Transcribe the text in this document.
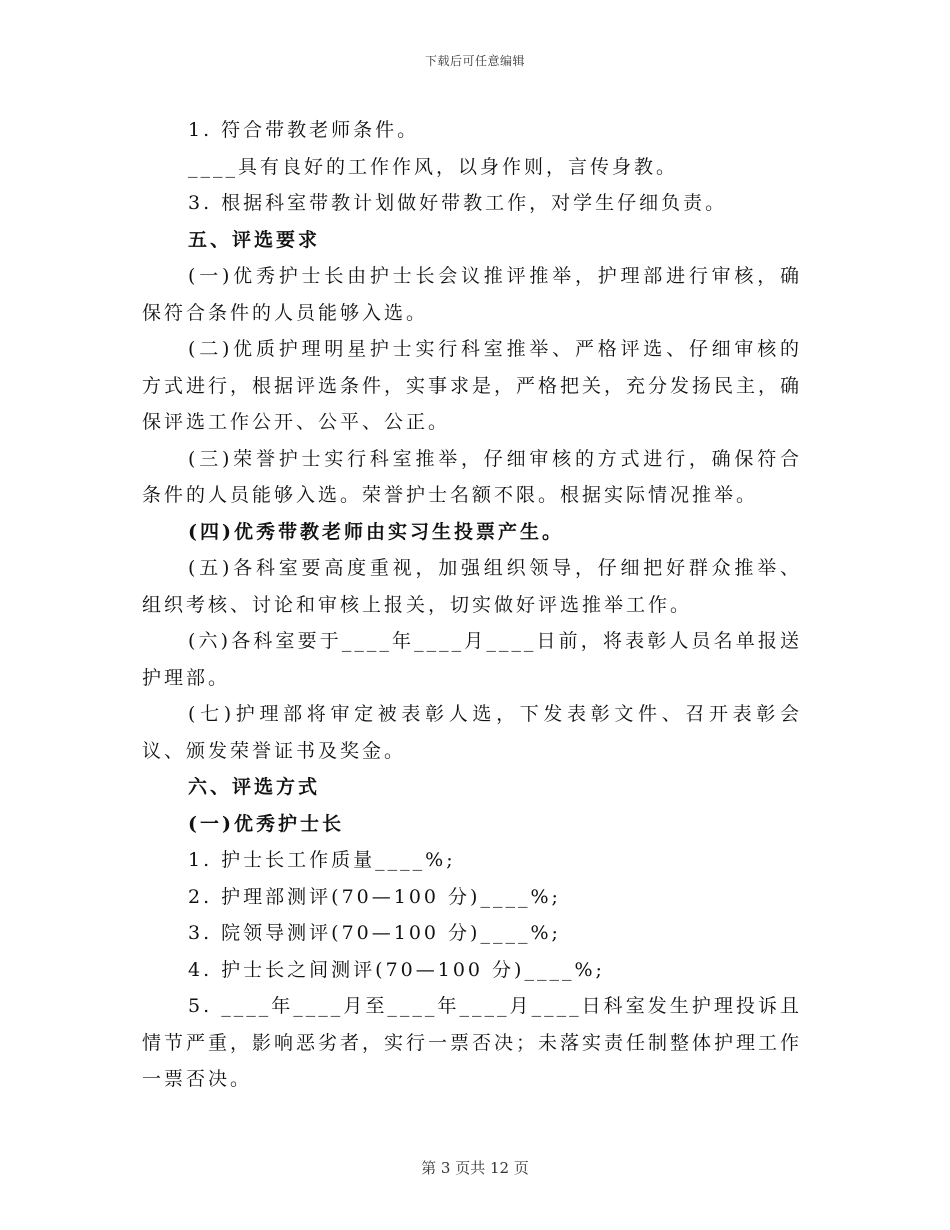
下载后可任意编辑

1. 符合带教老师条件。

____具有良好的工作作风，以身作则，言传身教。

3. 根据科室带教计划做好带教工作，对学生仔细负责。

五、评选要求

(一)优秀护士长由护士长会议推评推举，护理部进行审核，确保符合条件的人员能够入选。

(二)优质护理明星护士实行科室推举、严格评选、仔细审核的方式进行，根据评选条件，实事求是，严格把关，充分发扬民主，确保评选工作公开、公平、公正。

(三)荣誉护士实行科室推举，仔细审核的方式进行，确保符合条件的人员能够入选。荣誉护士名额不限。根据实际情况推举。

(四)优秀带教老师由实习生投票产生。

(五)各科室要高度重视，加强组织领导，仔细把好群众推举、组织考核、讨论和审核上报关，切实做好评选推举工作。

(六)各科室要于____年____月____日前，将表彰人员名单报送护理部。

(七)护理部将审定被表彰人选，下发表彰文件、召开表彰会议、颁发荣誉证书及奖金。

六、评选方式

(一)优秀护士长

1. 护士长工作质量____%;

2. 护理部测评(70—100 分)____%;

3. 院领导测评(70—100 分)____%;

4. 护士长之间测评(70—100 分)____%;

5. ____年____月至____年____月____日科室发生护理投诉且情节严重，影响恶劣者，实行一票否决；未落实责任制整体护理工作一票否决。

第 3 页共 12 页
